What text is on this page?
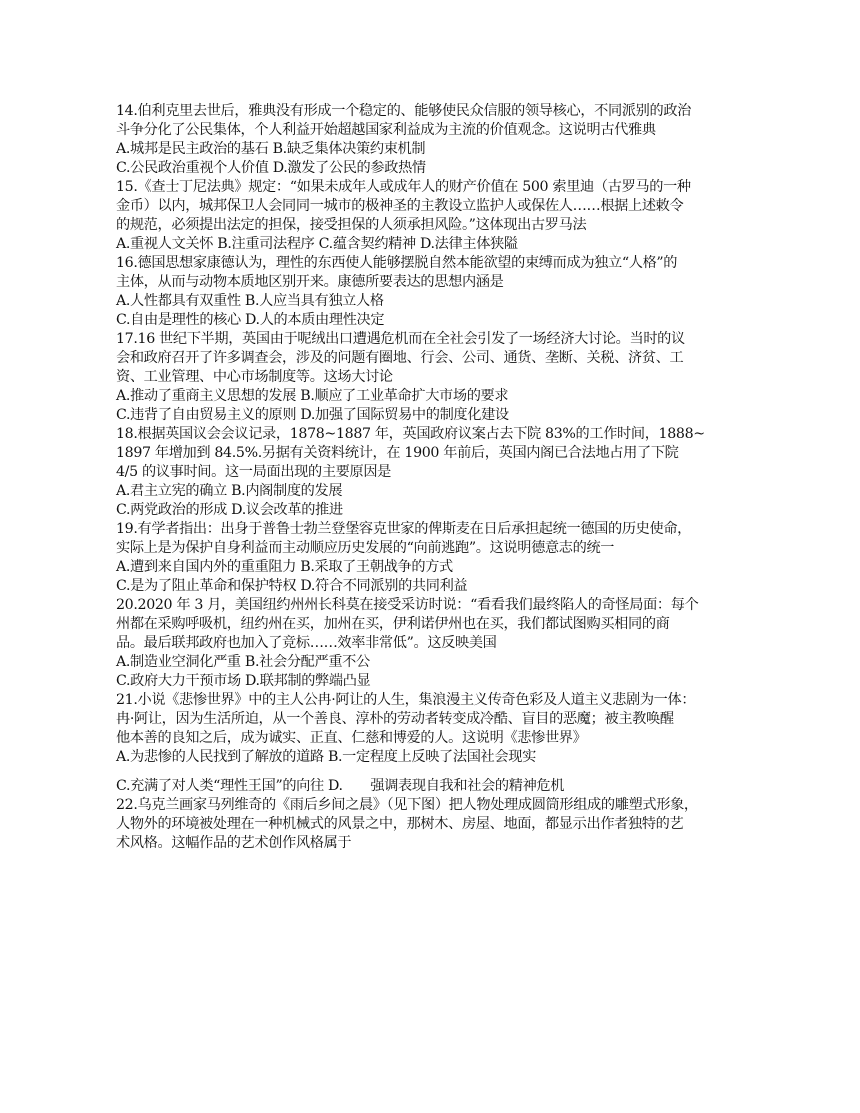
14.伯利克里去世后，雅典没有形成一个稳定的、能够使民众信服的领导核心，不同派别的政治
斗争分化了公民集体，个人利益开始超越国家利益成为主流的价值观念。这说明古代雅典
A.城邦是民主政治的基石 B.缺乏集体决策约束机制
C.公民政治重视个人价值 D.激发了公民的参政热情
15.《查士丁尼法典》规定：“如果未成年人或成年人的财产价值在 500 索里迪（古罗马的一种
金币）以内，城邦保卫人会同同一城市的极神圣的主教设立监护人或保佐人……根据上述敕令
的规范，必须提出法定的担保，接受担保的人须承担风险。”这体现出古罗马法
A.重视人文关怀 B.注重司法程序 C.蕴含契约精神 D.法律主体狭隘
16.德国思想家康德认为，理性的东西使人能够摆脱自然本能欲望的束缚而成为独立“人格”的
主体，从而与动物本质地区别开来。康德所要表达的思想内涵是
A.人性都具有双重性 B.人应当具有独立人格
C.自由是理性的核心 D.人的本质由理性决定
17.16 世纪下半期，英国由于呢绒出口遭遇危机而在全社会引发了一场经济大讨论。当时的议
会和政府召开了许多调查会，涉及的问题有圈地、行会、公司、通货、垄断、关税、济贫、工
资、工业管理、中心市场制度等。这场大讨论
A.推动了重商主义思想的发展 B.顺应了工业革命扩大市场的要求
C.违背了自由贸易主义的原则 D.加强了国际贸易中的制度化建设
18.根据英国议会会议记录，1878~1887 年，英国政府议案占去下院 83%的工作时间，1888~
1897 年增加到 84.5%.另据有关资料统计，在 1900 年前后，英国内阁已合法地占用了下院
4/5 的议事时间。这一局面出现的主要原因是
A.君主立宪的确立 B.内阁制度的发展
C.两党政治的形成 D.议会改革的推进
19.有学者指出：出身于普鲁士勃兰登堡容克世家的俾斯麦在日后承担起统一德国的历史使命，
实际上是为保护自身利益而主动顺应历史发展的“向前逃跑”。这说明德意志的统一
A.遭到来自国内外的重重阻力 B.采取了王朝战争的方式
C.是为了阻止革命和保护特权 D.符合不同派别的共同利益
20.2020 年 3 月，美国纽约州州长科莫在接受采访时说：“看看我们最终陷人的奇怪局面：每个
州都在采购呼吸机，纽约州在买，加州在买，伊利诺伊州也在买，我们都试图购买相同的商
品。最后联邦政府也加入了竞标……效率非常低”。这反映美国
A.制造业空洞化严重 B.社会分配严重不公
C.政府大力干预市场 D.联邦制的弊端凸显
21.小说《悲惨世界》中的主人公冉·阿让的人生，集浪漫主义传奇色彩及人道主义悲剧为一体：
冉·阿让，因为生活所迫，从一个善良、淳朴的劳动者转变成冷酷、盲目的恶魔；被主教唤醒
他本善的良知之后，成为诚实、正直、仁慈和博爱的人。这说明《悲惨世界》
A.为悲惨的人民找到了解放的道路 B.一定程度上反映了法国社会现实
C.充满了对人类“理性王国”的向往 D.　　强调表现自我和社会的精神危机
22.乌克兰画家马列维奇的《雨后乡间之晨》（见下图）把人物处理成圆筒形组成的雕塑式形象，
人物外的环境被处理在一种机械式的风景之中，那树木、房屋、地面，都显示出作者独特的艺
术风格。这幅作品的艺术创作风格属于
